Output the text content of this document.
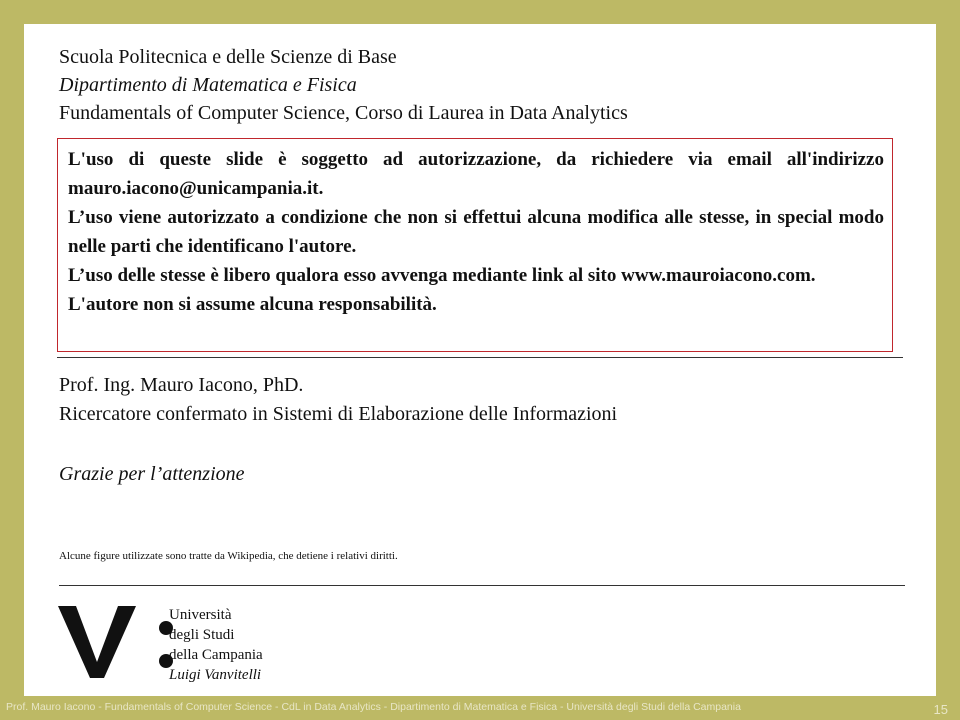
Scuola Politecnica e delle Scienze di Base
Dipartimento di Matematica e Fisica
Fundamentals of Computer Science, Corso di Laurea in Data Analytics

L'uso di queste slide è soggetto ad autorizzazione, da richiedere via email all'indirizzo mauro.iacono@unicampania.it.

L’uso viene autorizzato a condizione che non si effettui alcuna modifica alle stesse, in special modo nelle parti che identificano l'autore.

L’uso delle stesse è libero qualora esso avvenga mediante link al sito www.mauroiacono.com.

L'autore non si assume alcuna responsabilità.

Prof. Ing. Mauro Iacono, PhD.
Ricercatore confermato in Sistemi di Elaborazione delle Informazioni
Grazie per l’attenzione
Alcune figure utilizzate sono tratte da Wikipedia, che detiene i relativi diritti.
Università
degli Studi
della Campania
Luigi Vanvitelli
Prof. Mauro Iacono - Fundamentals of Computer Science - CdL in Data Analytics - Dipartimento di Matematica e Fisica - Università degli Studi della Campania	15
